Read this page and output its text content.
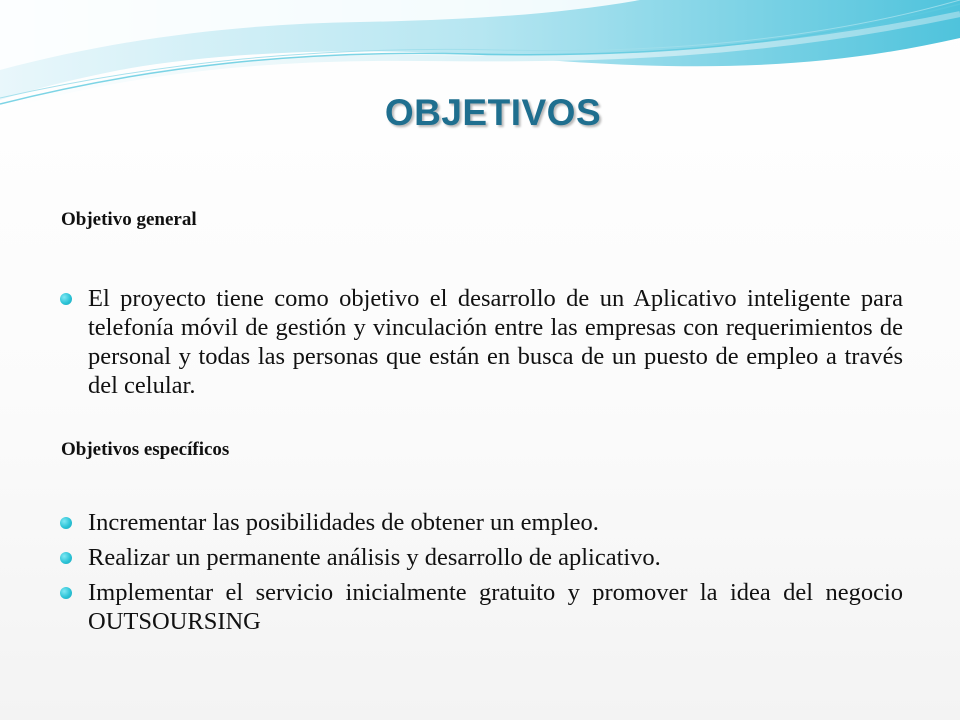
OBJETIVOS
Objetivo general
El proyecto tiene como objetivo el desarrollo de un Aplicativo inteligente para telefonía móvil de gestión y vinculación entre las empresas con requerimientos de personal y todas las personas que están en busca de un puesto de empleo a través del celular.
Objetivos específicos
Incrementar las posibilidades de obtener un empleo.
Realizar un permanente análisis y desarrollo de aplicativo.
Implementar el servicio inicialmente gratuito y promover la idea del negocio OUTSOURSING
